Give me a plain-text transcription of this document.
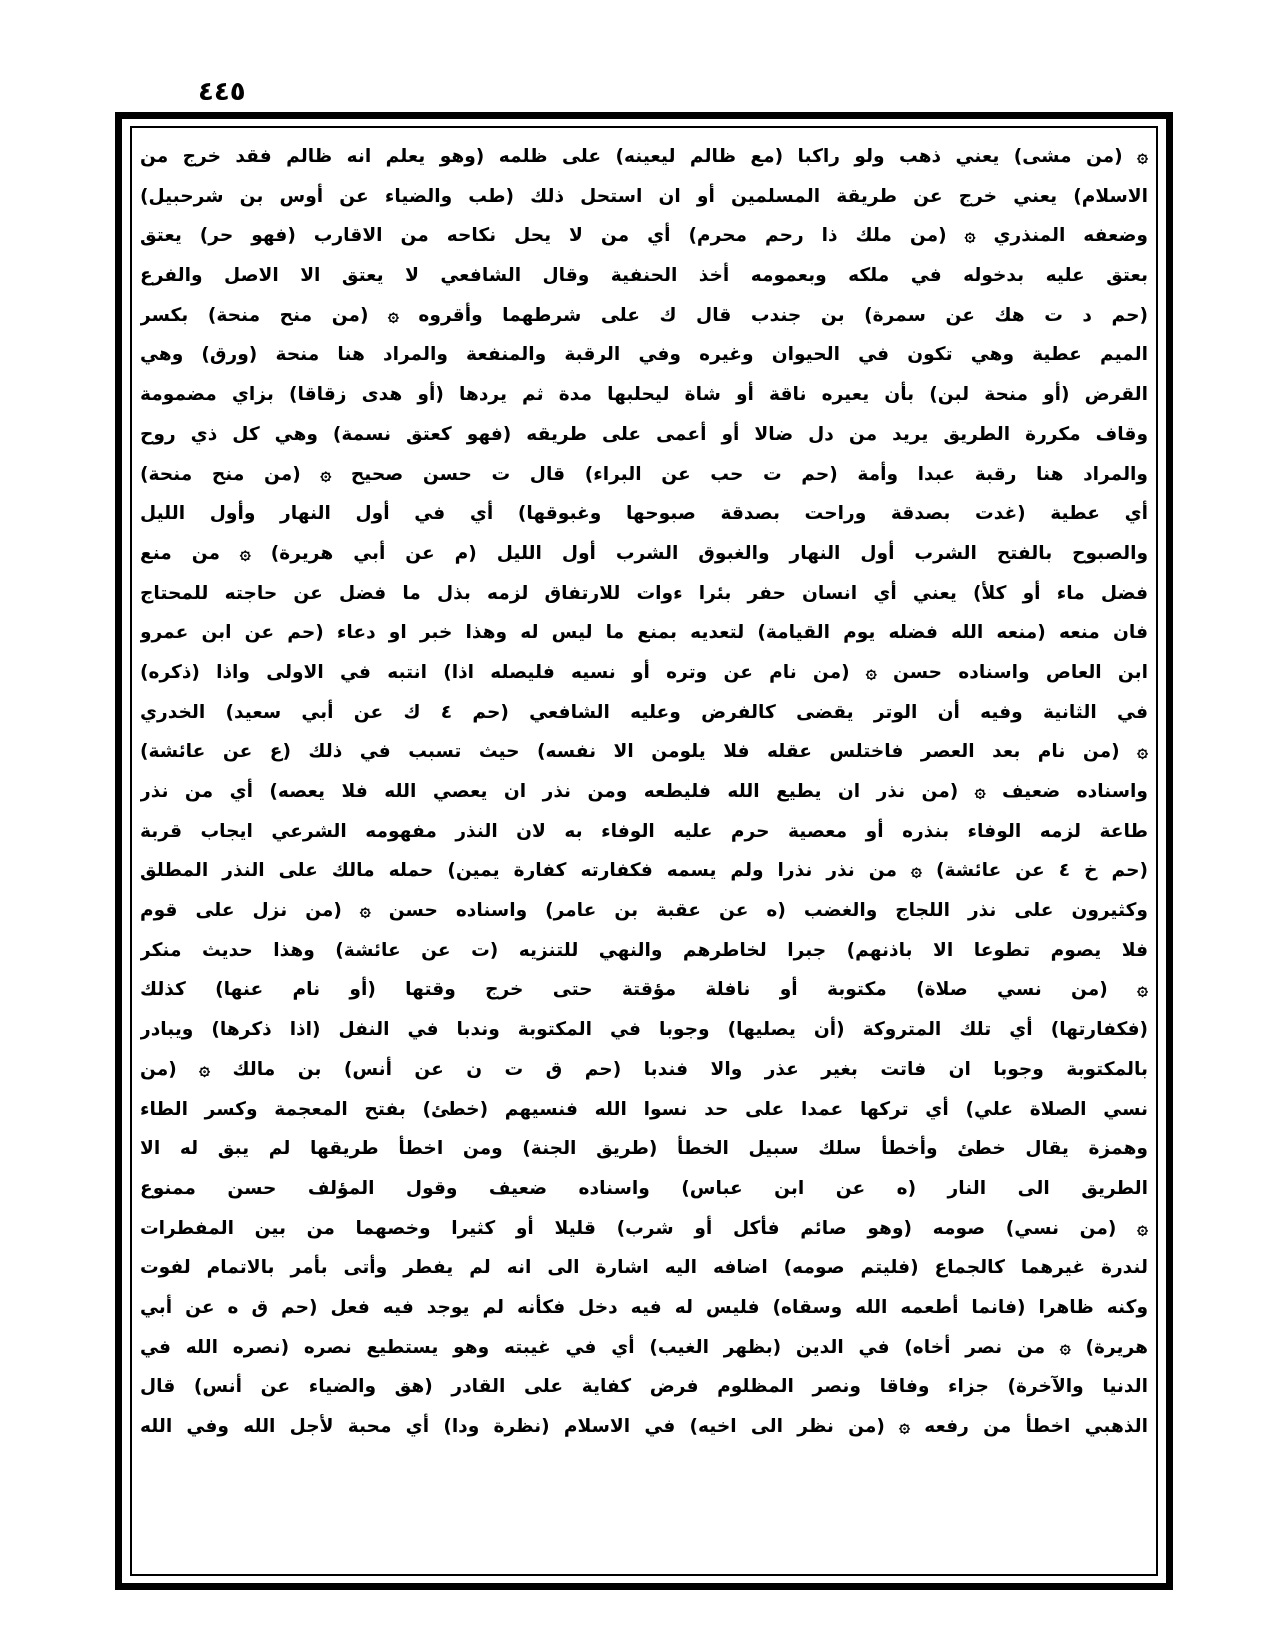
٤٤٥
۞ (من مشى) يعني ذهب ولو راكبا (مع ظالم ليعينه) على ظلمه (وهو يعلم انه ظالم فقد خرج من
الاسلام) يعني خرج عن طريقة المسلمين أو ان استحل ذلك (طب والضياء عن أوس بن شرحبيل)
وضعفه المنذري ۞ (من ملك ذا رحم محرم) أي من لا يحل نكاحه من الاقارب (فهو حر) يعتق
بعتق عليه بدخوله في ملكه وبعمومه أخذ الحنفية وقال الشافعي لا يعتق الا الاصل والفرع
(حم د ت هك عن سمرة) بن جندب قال ك على شرطهما وأقروه ۞ (من منح منحة) بكسر
الميم عطية وهي تكون في الحيوان وغيره وفي الرقبة والمنفعة والمراد هنا منحة (ورق) وهي
القرض (أو منحة لبن) بأن يعيره ناقة أو شاة ليحلبها مدة ثم يردها (أو هدى زقاقا) بزاي مضمومة
وقاف مكررة الطريق يريد من دل ضالا أو أعمى على طريقه (فهو كعتق نسمة) وهي كل ذي روح
والمراد هنا رقبة عبدا وأمة (حم ت حب عن البراء) قال ت حسن صحيح ۞ (من منح منحة)
أي عطية (غدت بصدقة وراحت بصدقة صبوحها وغبوقها) أي في أول النهار وأول الليل
والصبوح بالفتح الشرب أول النهار والغبوق الشرب أول الليل (م عن أبي هريرة) ۞ من منع
فضل ماء أو كلأ) يعني أي انسان حفر بئرا ءوات للارتفاق لزمه بذل ما فضل عن حاجته للمحتاج
فان منعه (منعه الله فضله يوم القيامة) لتعديه بمنع ما ليس له وهذا خبر او دعاء (حم عن ابن عمرو
ابن العاص واسناده حسن ۞ (من نام عن وتره أو نسيه فليصله اذا) انتبه في الاولى واذا (ذكره)
في الثانية وفيه أن الوتر يقضى كالفرض وعليه الشافعي (حم ٤ ك عن أبي سعيد) الخدري
۞ (من نام بعد العصر فاختلس عقله فلا يلومن الا نفسه) حيث تسبب في ذلك (ع عن عائشة)
واسناده ضعيف ۞ (من نذر ان يطيع الله فليطعه ومن نذر ان يعصي الله فلا يعصه) أي من نذر
طاعة لزمه الوفاء بنذره أو معصية حرم عليه الوفاء به لان النذر مفهومه الشرعي ايجاب قربة
(حم خ ٤ عن عائشة) ۞ من نذر نذرا ولم يسمه فكفارته كفارة يمين) حمله مالك على النذر المطلق
وكثيرون على نذر اللجاج والغضب (ه عن عقبة بن عامر) واسناده حسن ۞ (من نزل على قوم
فلا يصوم تطوعا الا باذنهم) جبرا لخاطرهم والنهي للتنزيه (ت عن عائشة) وهذا حديث منكر
۞ (من نسي صلاة) مكتوبة أو نافلة مؤقتة حتى خرج وقتها (أو نام عنها) كذلك
(فكفارتها) أي تلك المتروكة (أن يصليها) وجوبا في المكتوبة وندبا في النفل (اذا ذكرها) ويبادر
بالمكتوبة وجوبا ان فاتت بغير عذر والا فندبا (حم ق ت ن عن أنس) بن مالك ۞ (من
نسي الصلاة علي) أي تركها عمدا على حد نسوا الله فنسيهم (خطئ) بفتح المعجمة وكسر الطاء
وهمزة يقال خطئ وأخطأ سلك سبيل الخطأ (طريق الجنة) ومن اخطأ طريقها لم يبق له الا
الطريق الى النار (ه عن ابن عباس) واسناده ضعيف وقول المؤلف حسن ممنوع
۞ (من نسي) صومه (وهو صائم فأكل أو شرب) قليلا أو كثيرا وخصهما من بين المفطرات
لندرة غيرهما كالجماع (فليتم صومه) اضافه اليه اشارة الى انه لم يفطر وأتى بأمر بالاتمام لفوت
وكنه ظاهرا (فانما أطعمه الله وسقاه) فليس له فيه دخل فكأنه لم يوجد فيه فعل (حم ق ه عن أبي
هريرة) ۞ من نصر أخاه) في الدين (بظهر الغيب) أي في غيبته وهو يستطيع نصره (نصره الله في
الدنيا والآخرة) جزاء وفاقا ونصر المظلوم فرض كفاية على القادر (هق والضياء عن أنس) قال
الذهبي اخطأ من رفعه ۞ (من نظر الى اخيه) في الاسلام (نظرة ودا) أي محبة لأجل الله وفي الله
